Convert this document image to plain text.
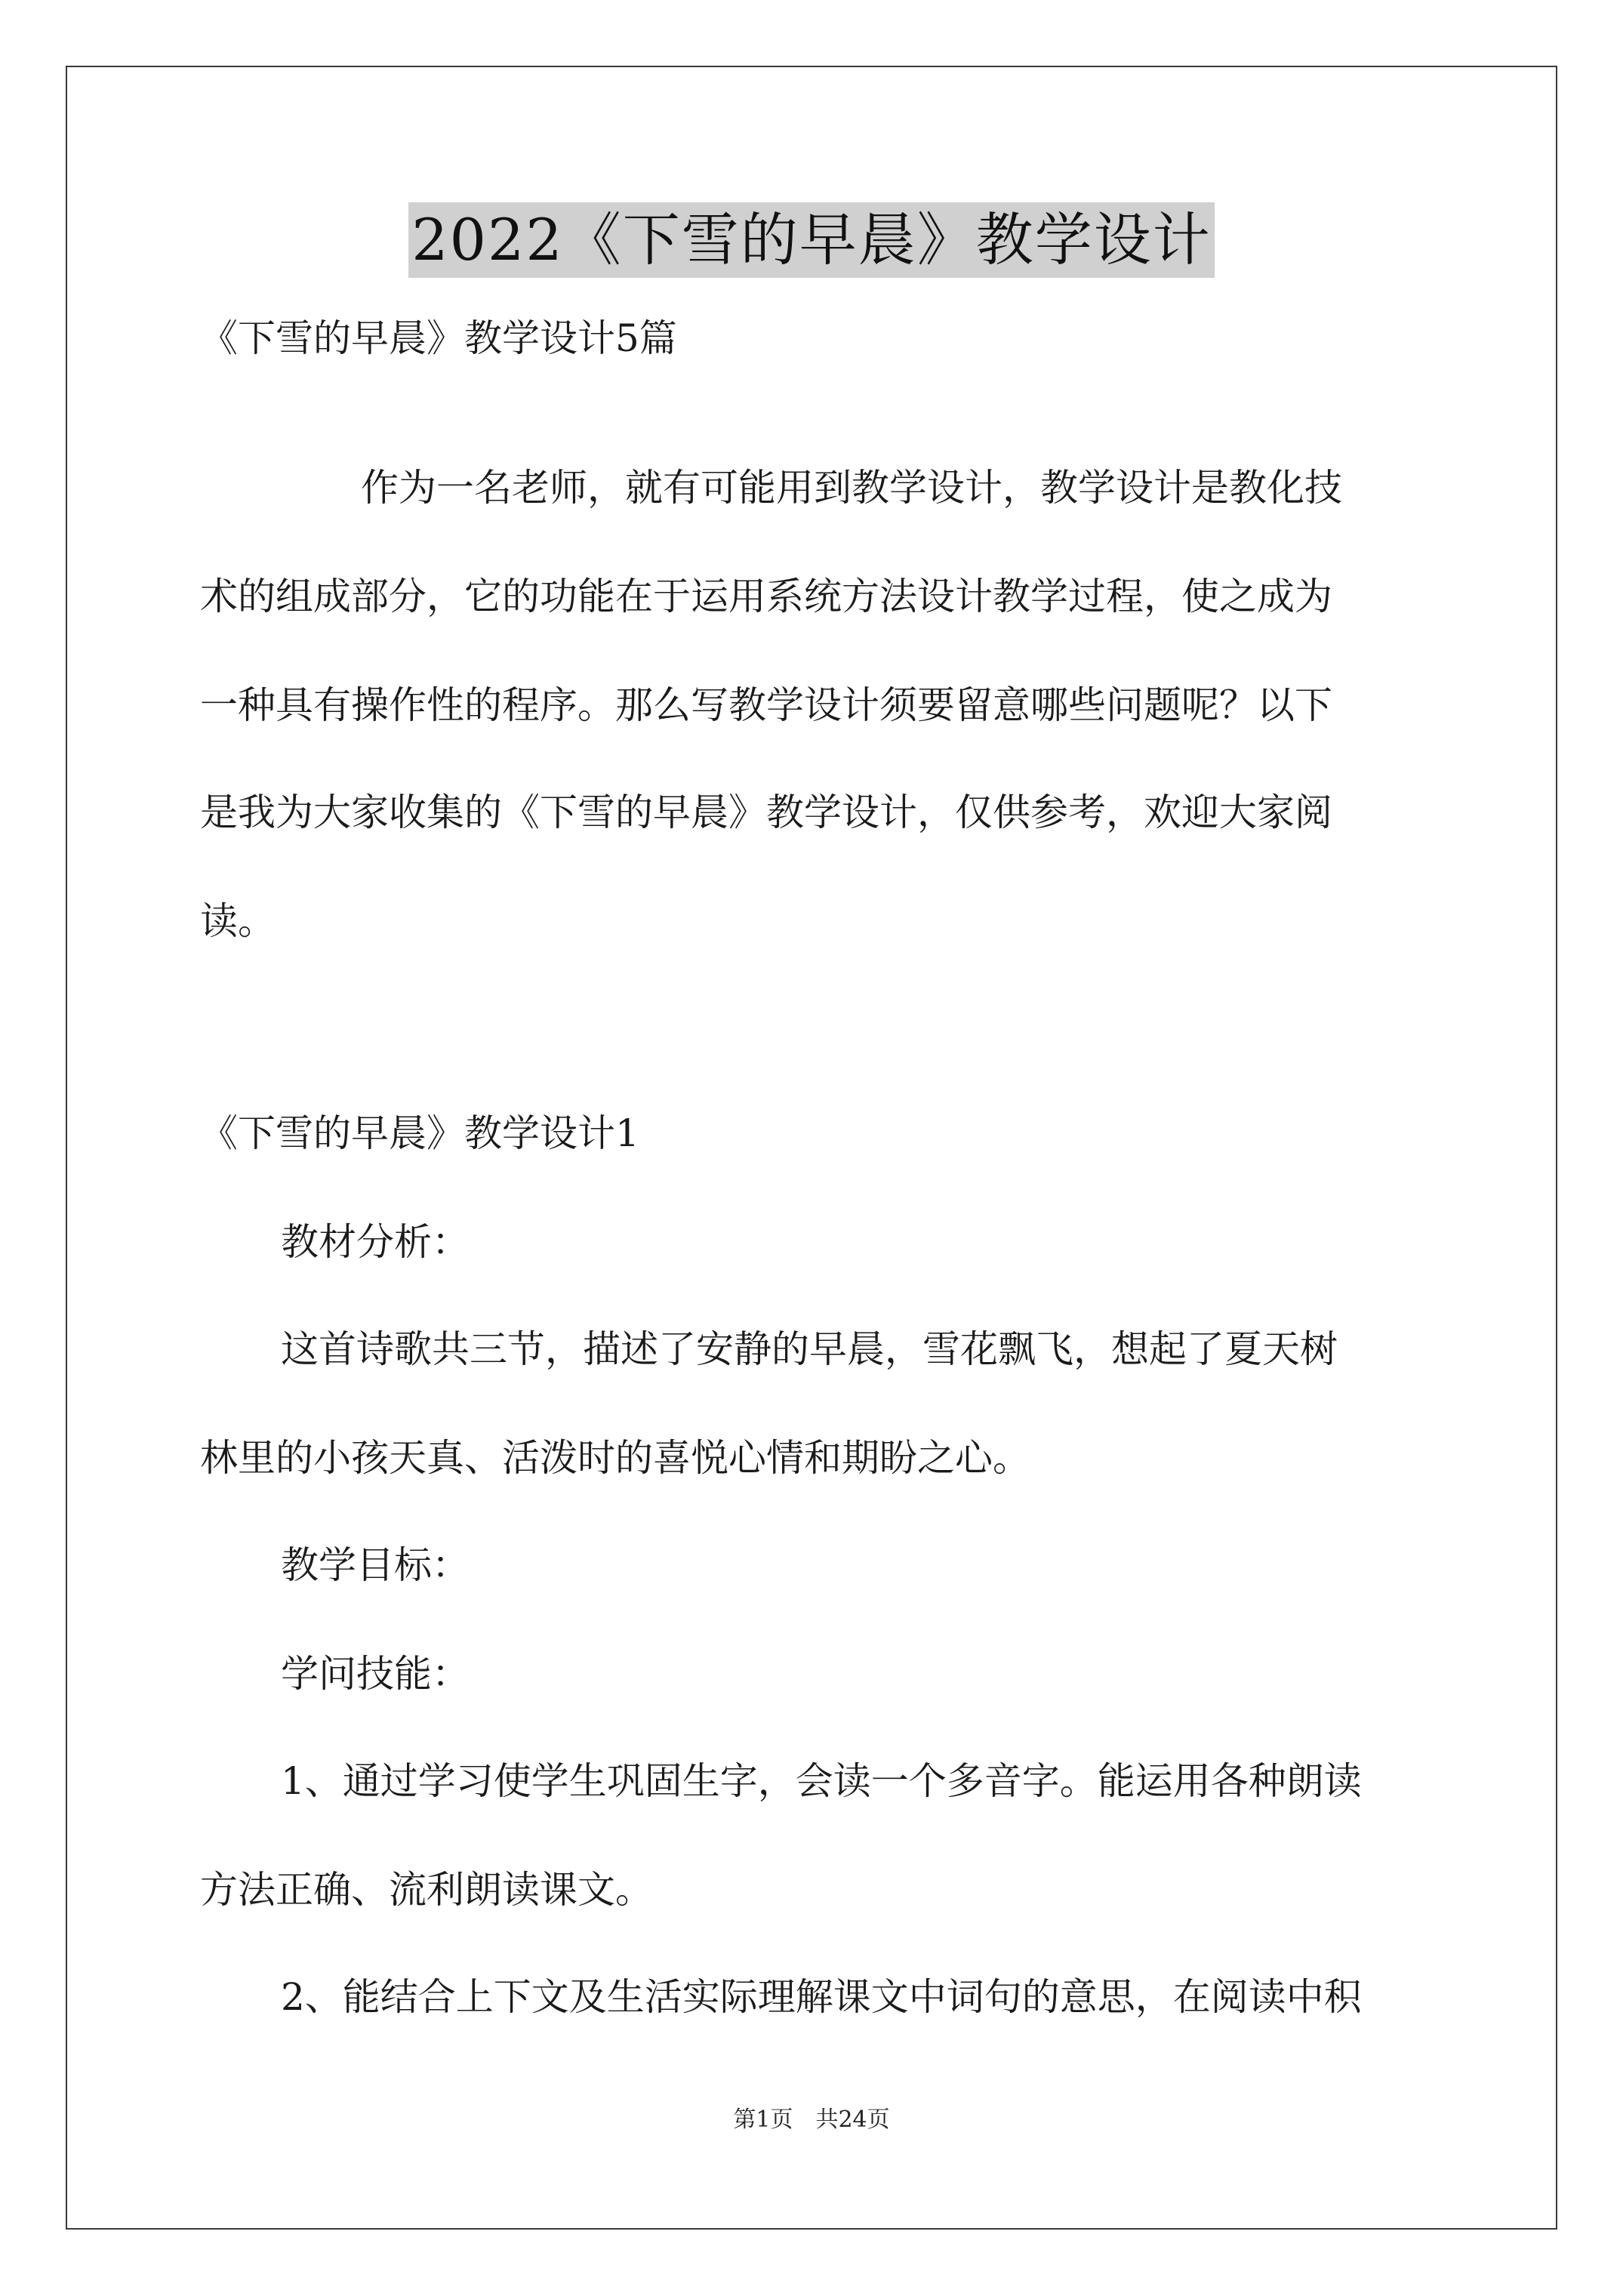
2022《下雪的早晨》教学设计
《下雪的早晨》教学设计5篇
作为一名老师，就有可能用到教学设计，教学设计是教化技
术的组成部分，它的功能在于运用系统方法设计教学过程，使之成为
一种具有操作性的程序。那么写教学设计须要留意哪些问题呢？以下
是我为大家收集的《下雪的早晨》教学设计，仅供参考，欢迎大家阅
读。
《下雪的早晨》教学设计1
教材分析：
这首诗歌共三节，描述了安静的早晨，雪花飘飞，想起了夏天树
林里的小孩天真、活泼时的喜悦心情和期盼之心。
教学目标：
学问技能：
1、通过学习使学生巩固生字，会读一个多音字。能运用各种朗读
方法正确、流利朗读课文。
2、能结合上下文及生活实际理解课文中词句的意思，在阅读中积
第1页　共24页
